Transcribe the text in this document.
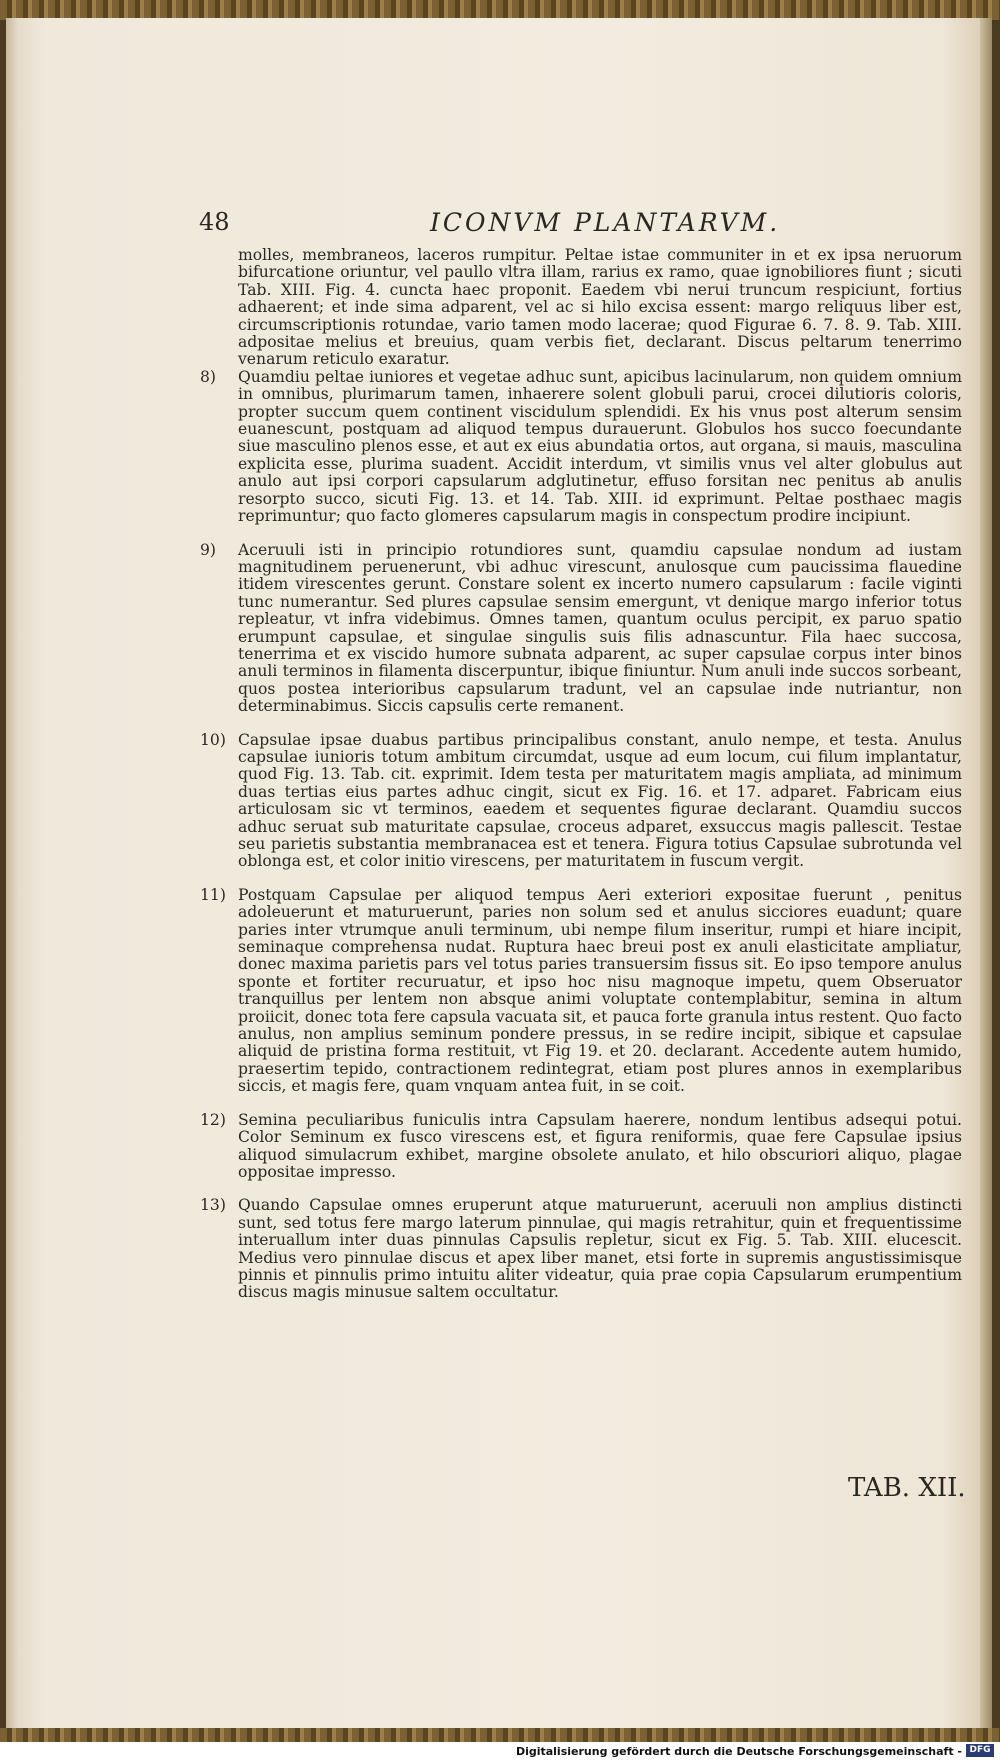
48	ICONVM PLANTARVM.

molles, membraneos, laceros rumpitur. Peltae istae communiter in et ex ipsa neruorum bifurcatione oriuntur, vel paullo vltra illam, rarius ex ramo, quae ignobiliores fiunt ; sicuti Tab. XIII. Fig. 4. cuncta haec proponit. Eaedem vbi nerui truncum respiciunt, fortius adhaerent; et inde sima adparent, vel ac si hilo excisa essent: margo reliquus liber est, circumscriptionis rotundae, vario tamen modo lacerae; quod Figurae 6. 7. 8. 9. Tab. XIII. adpositae melius et breuius, quam verbis fiet, declarant. Discus peltarum tenerrimo venarum reticulo exaratur.

8) Quamdiu peltae iuniores et vegetae adhuc sunt, apicibus lacinularum, non quidem omnium in omnibus, plurimarum tamen, inhaerere solent globuli parui, crocei dilutioris coloris, propter succum quem continent viscidulum splendidi. Ex his vnus post alterum sensim euanescunt, postquam ad aliquod tempus durauerunt. Globulos hos succo foecundante siue masculino plenos esse, et aut ex eius abundatia ortos, aut organa, si mauis, masculina explicita esse, plurima suadent. Accidit interdum, vt similis vnus vel alter globulus aut anulo aut ipsi corpori capsularum adglutinetur, effuso forsitan nec penitus ab anulis resorpto succo, sicuti Fig. 13. et 14. Tab. XIII. id exprimunt. Peltae posthaec magis reprimuntur; quo facto glomeres capsularum magis in conspectum prodire incipiunt.

9) Aceruuli isti in principio rotundiores sunt, quamdiu capsulae nondum ad iustam magnitudinem peruenerunt, vbi adhuc virescunt, anulosque cum paucissima flauedine itidem virescentes gerunt. Constare solent ex incerto numero capsularum : facile viginti tunc numerantur. Sed plures capsulae sensim emergunt, vt denique margo inferior totus repleatur, vt infra videbimus. Omnes tamen, quantum oculus percipit, ex paruo spatio erumpunt capsulae, et singulae singulis suis filis adnascuntur. Fila haec succosa, tenerrima et ex viscido humore subnata adparent, ac super capsulae corpus inter binos anuli terminos in filamenta discerpuntur, ibique finiuntur. Num anuli inde succos sorbeant, quos postea interioribus capsularum tradunt, vel an capsulae inde nutriantur, non determinabimus. Siccis capsulis certe remanent.

10) Capsulae ipsae duabus partibus principalibus constant, anulo nempe, et testa. Anulus capsulae iunioris totum ambitum circumdat, usque ad eum locum, cui filum implantatur, quod Fig. 13. Tab. cit. exprimit. Idem testa per maturitatem magis ampliata, ad minimum duas tertias eius partes adhuc cingit, sicut ex Fig. 16. et 17. adparet. Fabricam eius articulosam sic vt terminos, eaedem et sequentes figurae declarant. Quamdiu succos adhuc seruat sub maturitate capsulae, croceus adparet, exsuccus magis pallescit. Testae seu parietis substantia membranacea est et tenera. Figura totius Capsulae subrotunda vel oblonga est, et color initio virescens, per maturitatem in fuscum vergit.

11) Postquam Capsulae per aliquod tempus Aeri exteriori expositae fuerunt , penitus adoleuerunt et maturuerunt, paries non solum sed et anulus sicciores euadunt; quare paries inter vtrumque anuli terminum, ubi nempe filum inseritur, rumpi et hiare incipit, seminaque comprehensa nudat. Ruptura haec breui post ex anuli elasticitate ampliatur, donec maxima parietis pars vel totus paries transuersim fissus sit. Eo ipso tempore anulus sponte et fortiter recuruatur, et ipso hoc nisu magnoque impetu, quem Obseruator tranquillus per lentem non absque animi voluptate contemplabitur, semina in altum proiicit, donec tota fere capsula vacuata sit, et pauca forte granula intus restent. Quo facto anulus, non amplius seminum pondere pressus, in se redire incipit, sibique et capsulae aliquid de pristina forma restituit, vt Fig 19. et 20. declarant. Accedente autem humido, praesertim tepido, contractionem redintegrat, etiam post plures annos in exemplaribus siccis, et magis fere, quam vnquam antea fuit, in se coit.

12) Semina peculiaribus funiculis intra Capsulam haerere, nondum lentibus adsequi potui. Color Seminum ex fusco virescens est, et figura reniformis, quae fere Capsulae ipsius aliquod simulacrum exhibet, margine obsolete anulato, et hilo obscuriori aliquo, plagae oppositae impresso.

13) Quando Capsulae omnes eruperunt atque maturuerunt, aceruuli non amplius distincti sunt, sed totus fere margo laterum pinnulae, qui magis retrahitur, quin et frequentissime interuallum inter duas pinnulas Capsulis repletur, sicut ex Fig. 5. Tab. XIII. elucescit. Medius vero pinnulae discus et apex liber manet, etsi forte in supremis angustissimisque pinnis et pinnulis primo intuitu aliter videatur, quia prae copia Capsularum erumpentium discus magis minusue saltem occultatur.

TAB. XII.
Digitalisierung gefördert durch die Deutsche Forschungsgemeinschaft - DFG
